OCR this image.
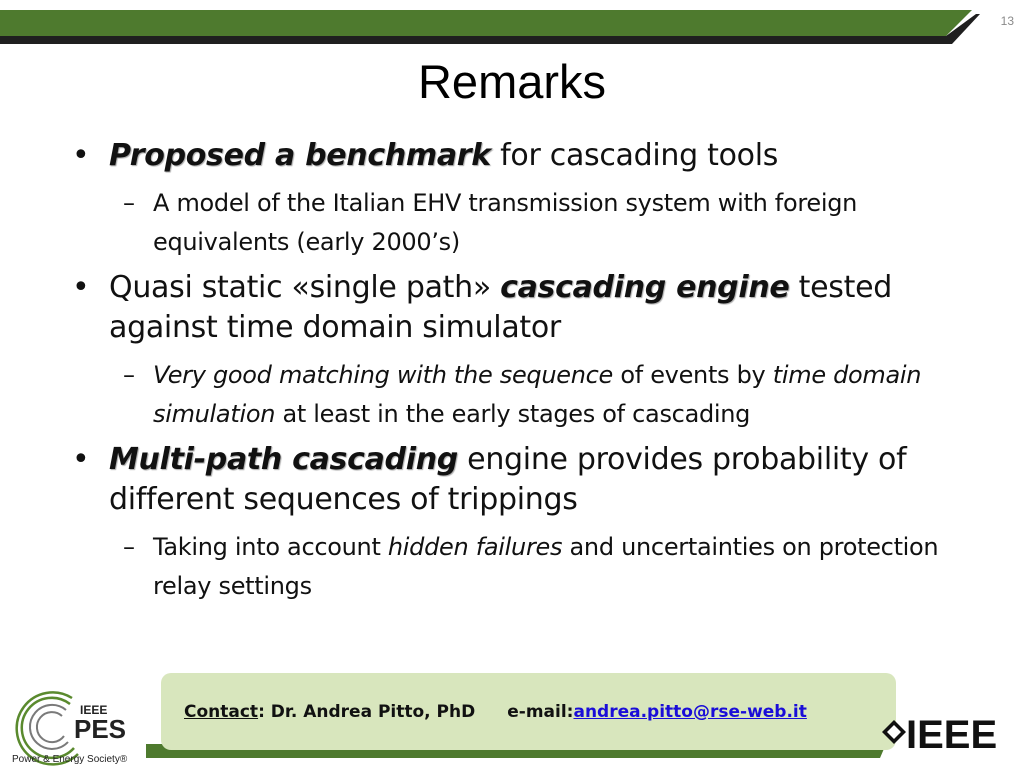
13
Remarks
• Proposed a benchmark for cascading tools
– A model of the Italian EHV transmission system with foreign equivalents (early 2000’s)
• Quasi static «single path» cascading engine tested against time domain simulator
– Very good matching with the sequence of events by time domain simulation at least in the early stages of cascading
• Multi-path cascading engine provides probability of different sequences of trippings
– Taking into account hidden failures and uncertainties on protection relay settings
Contact : Dr. Andrea Pitto, PhD e-mail: andrea.pitto@rse-web.it
IEEE
PES
Power & Energy Society®
IEEE
